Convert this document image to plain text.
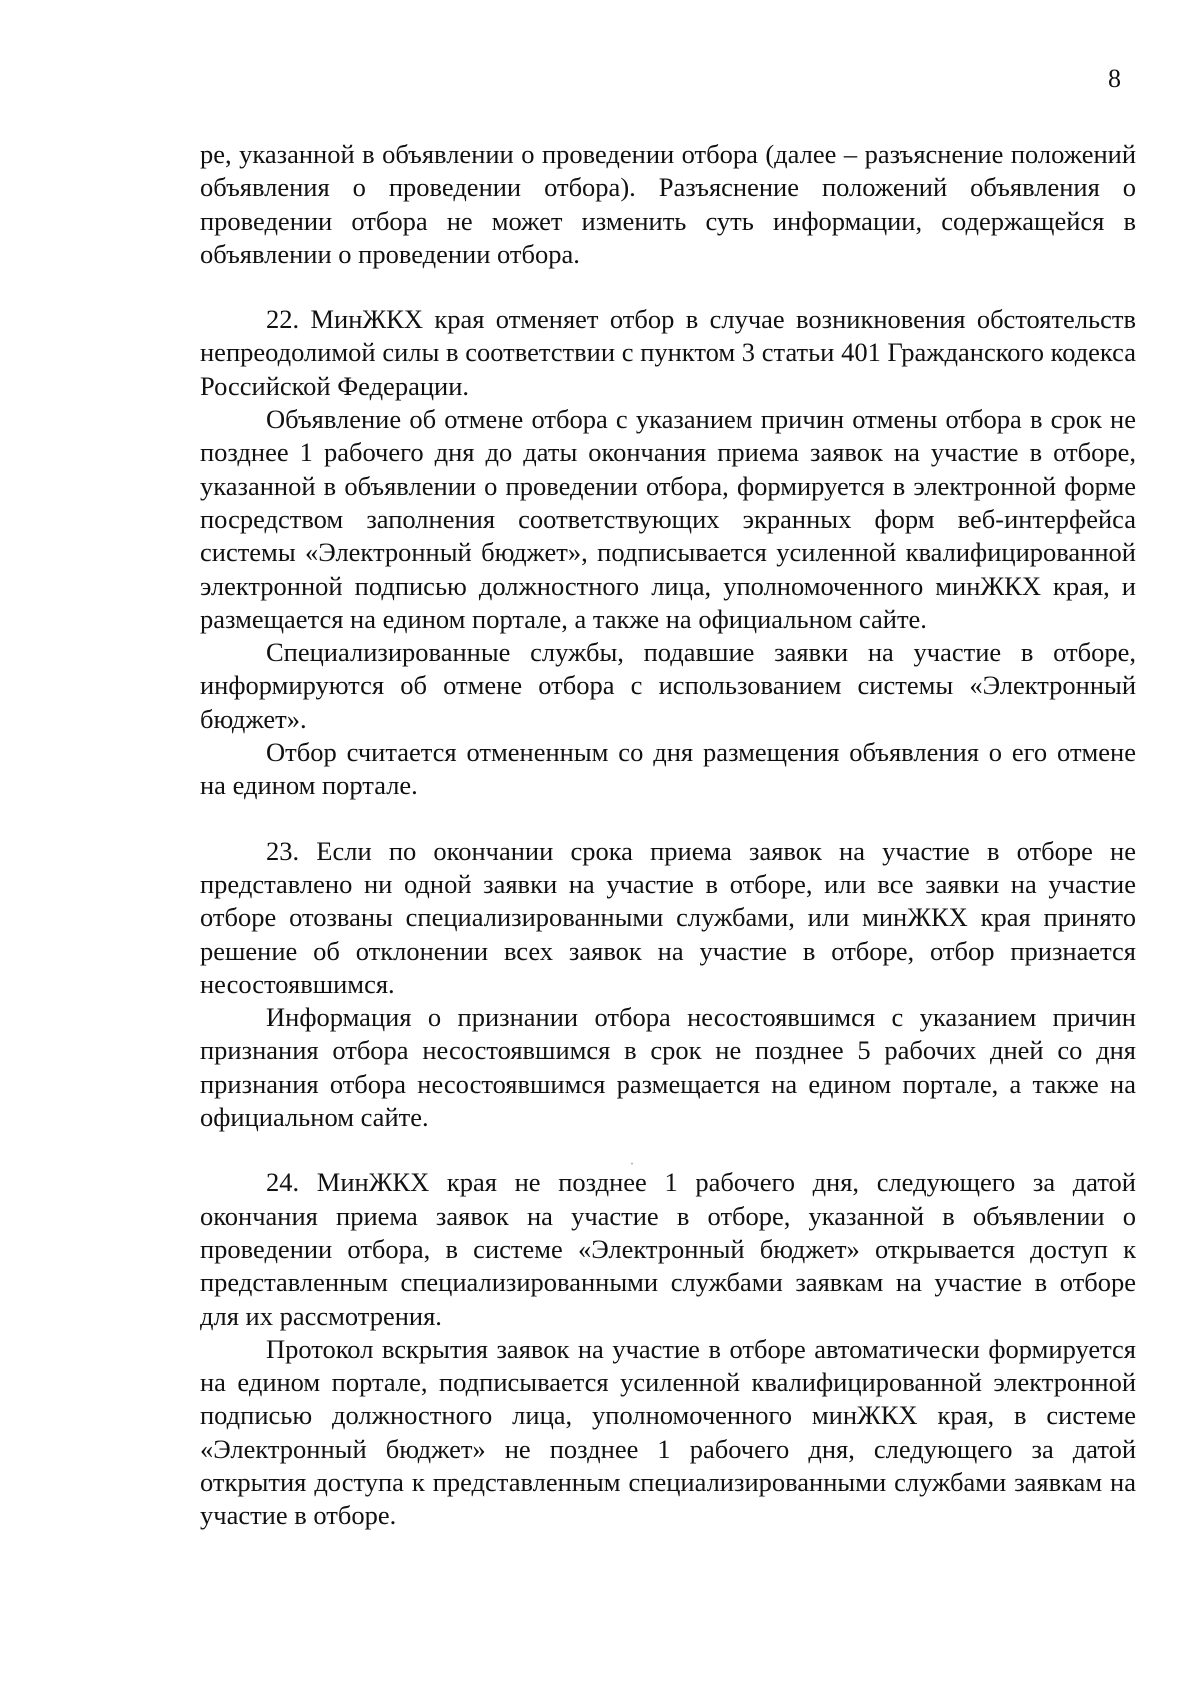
8

ре, указанной в объявлении о проведении отбора (далее – разъяснение положений объявления о проведении отбора). Разъяснение положений объявления о проведении отбора не может изменить суть информации, содержащейся в объявлении о проведении отбора.

22. МинЖКХ края отменяет отбор в случае возникновения обстоятельств непреодолимой силы в соответствии с пунктом 3 статьи 401 Гражданского кодекса Российской Федерации.

Объявление об отмене отбора с указанием причин отмены отбора в срок не позднее 1 рабочего дня до даты окончания приема заявок на участие в отборе, указанной в объявлении о проведении отбора, формируется в электронной форме посредством заполнения соответствующих экранных форм веб-интерфейса системы «Электронный бюджет», подписывается усиленной квалифицированной электронной подписью должностного лица, уполномоченного минЖКХ края, и размещается на едином портале, а также на официальном сайте.

Специализированные службы, подавшие заявки на участие в отборе, информируются об отмене отбора с использованием системы «Электронный бюджет».

Отбор считается отмененным со дня размещения объявления о его отмене на едином портале.

23. Если по окончании срока приема заявок на участие в отборе не представлено ни одной заявки на участие в отборе, или все заявки на участие отборе отозваны специализированными службами, или минЖКХ края принято решение об отклонении всех заявок на участие в отборе, отбор признается несостоявшимся.

Информация о признании отбора несостоявшимся с указанием причин признания отбора несостоявшимся в срок не позднее 5 рабочих дней со дня признания отбора несостоявшимся размещается на едином портале, а также на официальном сайте.

24. МинЖКХ края не позднее 1 рабочего дня, следующего за датой окончания приема заявок на участие в отборе, указанной в объявлении о проведении отбора, в системе «Электронный бюджет» открывается доступ к представленным специализированными службами заявкам на участие в отборе для их рассмотрения.

Протокол вскрытия заявок на участие в отборе автоматически формируется на едином портале, подписывается усиленной квалифицированной электронной подписью должностного лица, уполномоченного минЖКХ края, в системе «Электронный бюджет» не позднее 1 рабочего дня, следующего за датой открытия доступа к представленным специализированными службами заявкам на участие в отборе.

ˌ
